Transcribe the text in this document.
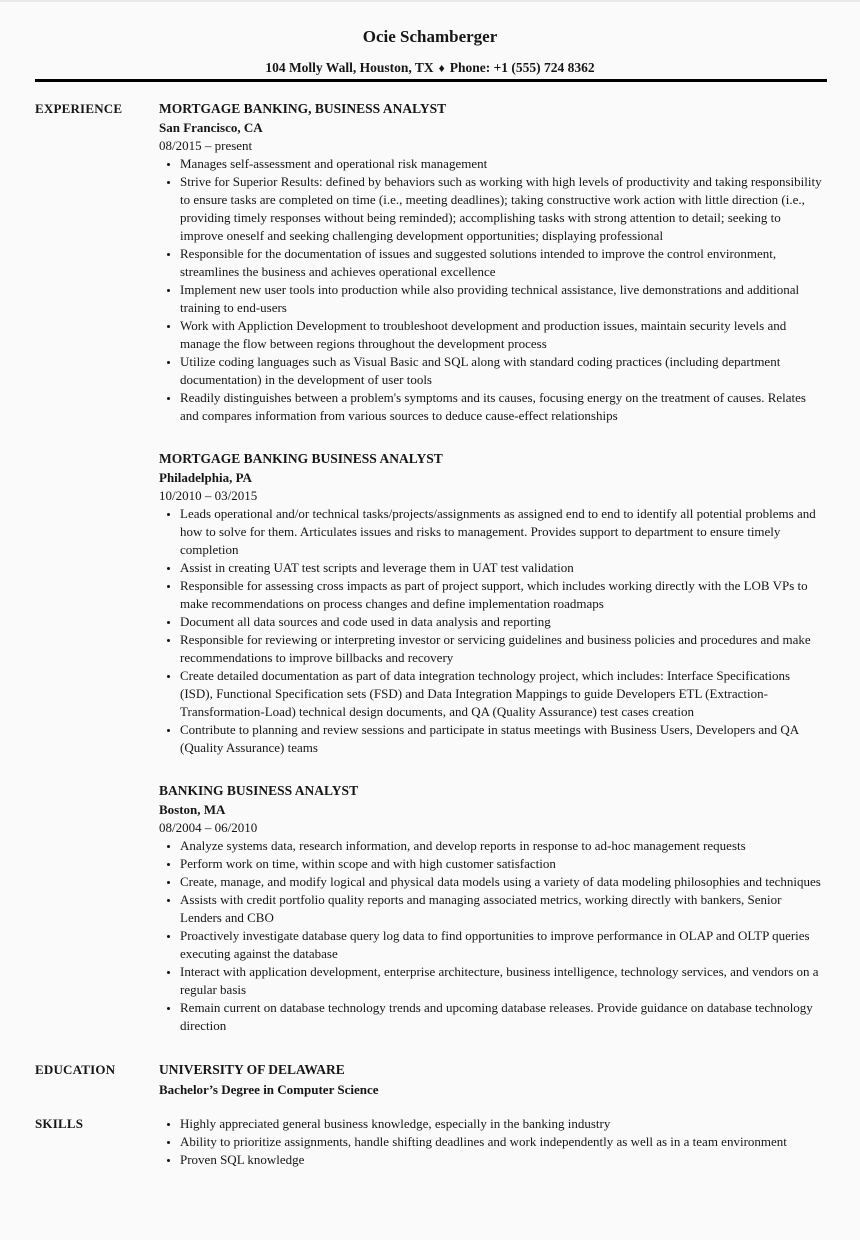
Ocie Schamberger
104 Molly Wall, Houston, TX ♦ Phone: +1 (555) 724 8362
EXPERIENCE	MORTGAGE BANKING, BUSINESS ANALYST
San Francisco, CA
08/2015 – present
• Manages self-assessment and operational risk management
• Strive for Superior Results: defined by behaviors such as working with high levels of productivity and taking responsibility to ensure tasks are completed on time (i.e., meeting deadlines); taking constructive work action with little direction (i.e., providing timely responses without being reminded); accomplishing tasks with strong attention to detail; seeking to improve oneself and seeking challenging development opportunities; displaying professional
• Responsible for the documentation of issues and suggested solutions intended to improve the control environment, streamlines the business and achieves operational excellence
• Implement new user tools into production while also providing technical assistance, live demonstrations and additional training to end-users
• Work with Appliction Development to troubleshoot development and production issues, maintain security levels and manage the flow between regions throughout the development process
• Utilize coding languages such as Visual Basic and SQL along with standard coding practices (including department documentation) in the development of user tools
• Readily distinguishes between a problem's symptoms and its causes, focusing energy on the treatment of causes. Relates and compares information from various sources to deduce cause-effect relationships
MORTGAGE BANKING BUSINESS ANALYST
Philadelphia, PA
10/2010 – 03/2015
• Leads operational and/or technical tasks/projects/assignments as assigned end to end to identify all potential problems and how to solve for them. Articulates issues and risks to management. Provides support to department to ensure timely completion
• Assist in creating UAT test scripts and leverage them in UAT test validation
• Responsible for assessing cross impacts as part of project support, which includes working directly with the LOB VPs to make recommendations on process changes and define implementation roadmaps
• Document all data sources and code used in data analysis and reporting
• Responsible for reviewing or interpreting investor or servicing guidelines and business policies and procedures and make recommendations to improve billbacks and recovery
• Create detailed documentation as part of data integration technology project, which includes: Interface Specifications (ISD), Functional Specification sets (FSD) and Data Integration Mappings to guide Developers ETL (Extraction-Transformation-Load) technical design documents, and QA (Quality Assurance) test cases creation
• Contribute to planning and review sessions and participate in status meetings with Business Users, Developers and QA (Quality Assurance) teams
BANKING BUSINESS ANALYST
Boston, MA
08/2004 – 06/2010
• Analyze systems data, research information, and develop reports in response to ad-hoc management requests
• Perform work on time, within scope and with high customer satisfaction
• Create, manage, and modify logical and physical data models using a variety of data modeling philosophies and techniques
• Assists with credit portfolio quality reports and managing associated metrics, working directly with bankers, Senior Lenders and CBO
• Proactively investigate database query log data to find opportunities to improve performance in OLAP and OLTP queries executing against the database
• Interact with application development, enterprise architecture, business intelligence, technology services, and vendors on a regular basis
• Remain current on database technology trends and upcoming database releases. Provide guidance on database technology direction
EDUCATION	UNIVERSITY OF DELAWARE
Bachelor’s Degree in Computer Science
SKILLS	• Highly appreciated general business knowledge, especially in the banking industry
• Ability to prioritize assignments, handle shifting deadlines and work independently as well as in a team environment
• Proven SQL knowledge
